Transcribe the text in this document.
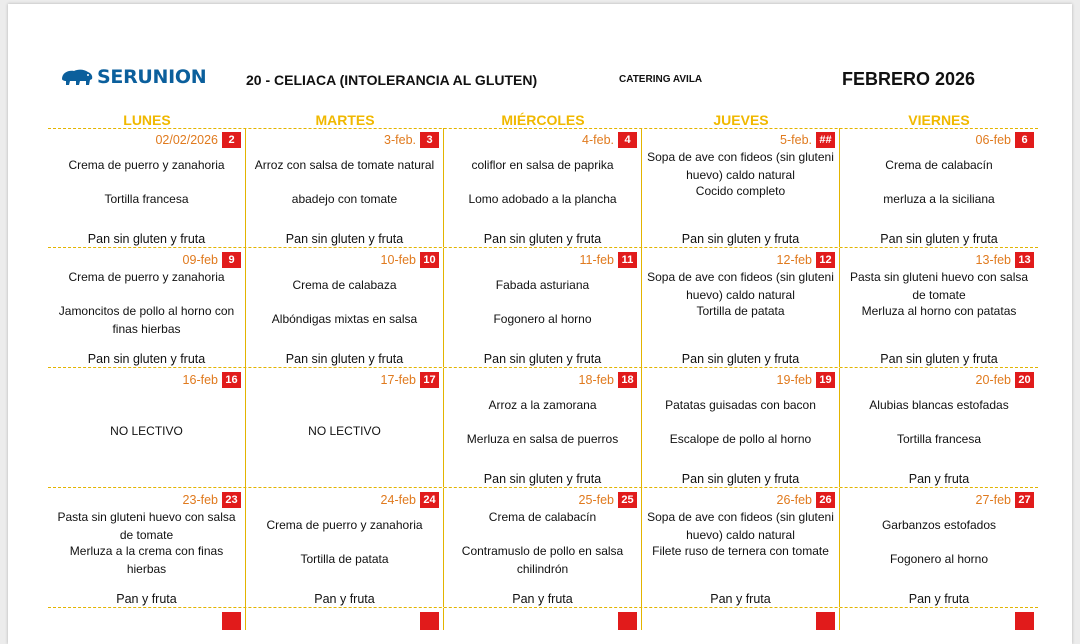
SERUNION	20 - CELIACA (INTOLERANCIA AL GLUTEN)	CATERING AVILA	FEBRERO 2026
LUNES	MARTES	MIÉRCOLES	JUEVES	VIERNES
02/02/2026 2
Crema de puerro y zanahoria
Tortilla francesa
Pan sin gluten y fruta
3-feb. 3
Arroz con salsa de tomate natural
abadejo con tomate
Pan sin gluten y fruta
4-feb. 4
coliflor en salsa de paprika
Lomo adobado a la plancha
Pan sin gluten y fruta
5-feb. ##
Sopa de ave con fideos (sin gluteni huevo) caldo natural
Cocido completo
Pan sin gluten y fruta
06-feb 6
Crema de calabacín
merluza a la siciliana
Pan sin gluten y fruta
09-feb 9
Crema de puerro y zanahoria
Jamoncitos de pollo al horno con finas hierbas
Pan sin gluten y fruta
10-feb 10
Crema de calabaza
Albóndigas mixtas en salsa
Pan sin gluten y fruta
11-feb 11
Fabada asturiana
Fogonero al horno
Pan sin gluten y fruta
12-feb 12
Sopa de ave con fideos (sin gluteni huevo) caldo natural
Tortilla de patata
Pan sin gluten y fruta
13-feb 13
Pasta sin gluteni huevo con salsa de tomate
Merluza al horno con patatas
Pan sin gluten y fruta
16-feb 16
NO LECTIVO
17-feb 17
NO LECTIVO
18-feb 18
Arroz a la zamorana
Merluza en salsa de puerros
Pan sin gluten y fruta
19-feb 19
Patatas guisadas con bacon
Escalope de pollo al horno
Pan sin gluten y fruta
20-feb 20
Alubias blancas estofadas
Tortilla francesa
Pan y fruta
23-feb 23
Pasta sin gluteni huevo con salsa de tomate
Merluza a la crema con finas hierbas
Pan y fruta
24-feb 24
Crema de puerro y zanahoria
Tortilla de patata
Pan y fruta
25-feb 25
Crema de calabacín
Contramuslo de pollo en salsa chilindrón
Pan y fruta
26-feb 26
Sopa de ave con fideos (sin gluteni huevo) caldo natural
Filete ruso de ternera con tomate
Pan y fruta
27-feb 27
Garbanzos estofados
Fogonero al horno
Pan y fruta
